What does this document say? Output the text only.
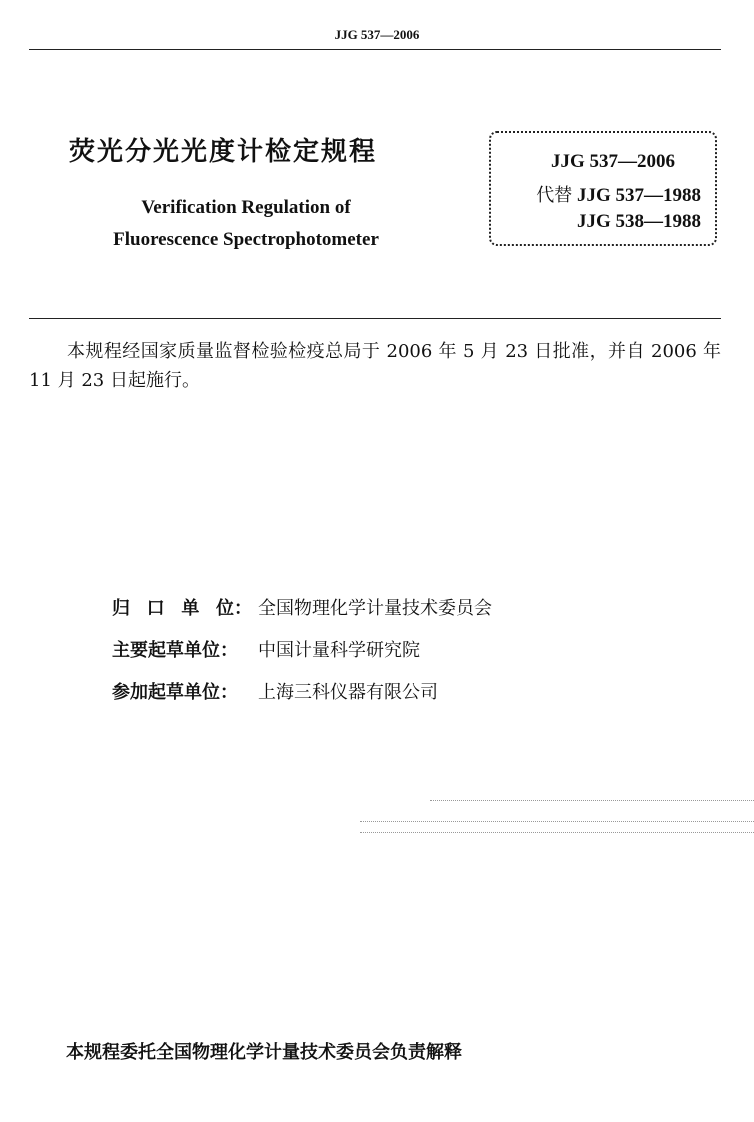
JJG 537—2006
荧光分光光度计检定规程
Verification Regulation of
Fluorescence Spectrophotometer
JJG 537—2006
代替 JJG 537—1988
JJG 538—1988
本规程经国家质量监督检验检疫总局于 2006 年 5 月 23 日批准，并自 2006 年 11 月 23 日起施行。
归口单位 ： 全国物理化学计量技术委员会
主要起草单位： 中国计量科学研究院
参加起草单位： 上海三科仪器有限公司
本规程委托全国物理化学计量技术委员会负责解释
